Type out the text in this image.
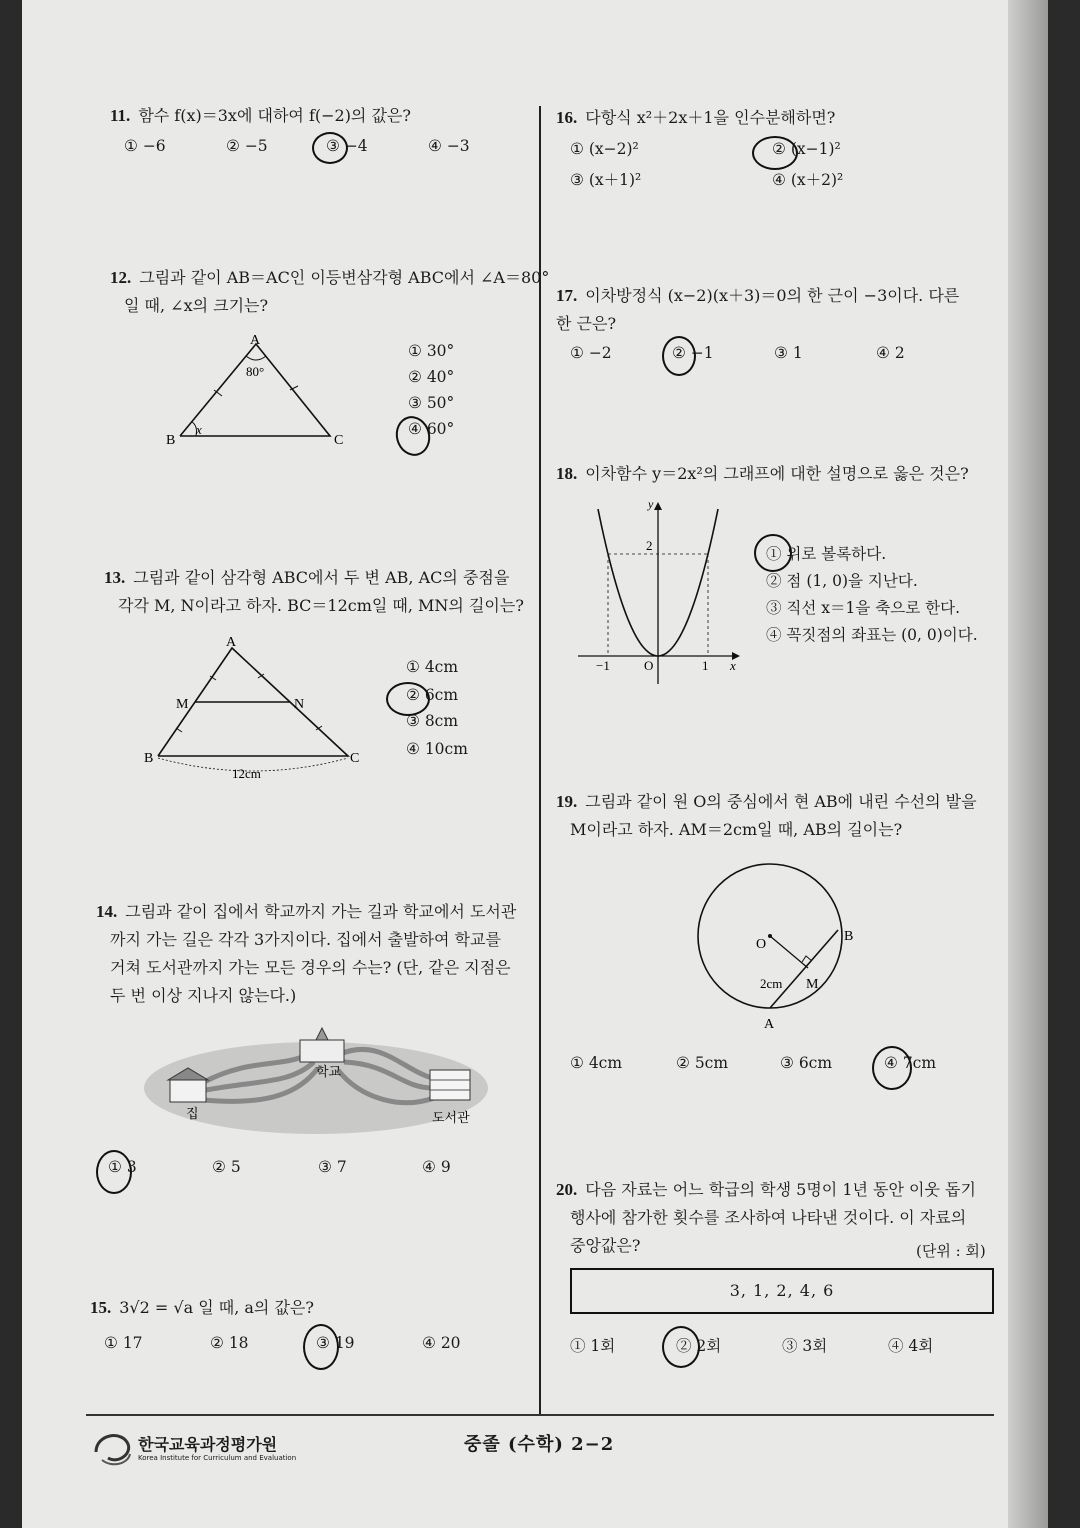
11. 함수 f(x)＝3x에 대하여 f(−2)의 값은?
① −6	② −5	③ −4	④ −3
12. 그림과 같이 AB＝AC인 이등변삼각형 ABC에서 ∠A＝80°
일 때, ∠x의 크기는?
A
80°
B
x
C
① 30°
② 40°
③ 50°
④ 60°
13. 그림과 같이 삼각형 ABC에서 두 변 AB, AC의 중점을
각각 M, N이라고 하자. BC＝12cm일 때, MN의 길이는?
A
M	N
B	C
12cm
① 4cm
② 6cm
③ 8cm
④ 10cm
14. 그림과 같이 집에서 학교까지 가는 길과 학교에서 도서관
까지 가는 길은 각각 3가지이다. 집에서 출발하여 학교를
거쳐 도서관까지 가는 모든 경우의 수는? (단, 같은 지점은
두 번 이상 지나지 않는다.)
집
학교
도서관
① 3	② 5	③ 7	④ 9
15. 3√2 = √a 일 때, a의 값은?
① 17	② 18	③ 19	④ 20
16. 다항식 x²＋2x＋1을 인수분해하면?
① (x−2)²	② (x−1)²
③ (x＋1)²	④ (x＋2)²
17. 이차방정식 (x−2)(x＋3)＝0의 한 근이 −3이다. 다른
한 근은?
① −2	② −1	③ 1	④ 2
18. 이차함수 y＝2x²의 그래프에 대한 설명으로 옳은 것은?
y
2
−1	O	1 x
① 위로 볼록하다.
② 점 (1, 0)을 지난다.
③ 직선 x＝1을 축으로 한다.
④ 꼭짓점의 좌표는 (0, 0)이다.
19. 그림과 같이 원 O의 중심에서 현 AB에 내린 수선의 발을
M이라고 하자. AM＝2cm일 때, AB의 길이는?
O
B
A
M
2cm
① 4cm	② 5cm	③ 6cm	④ 7cm
20. 다음 자료는 어느 학급의 학생 5명이 1년 동안 이웃 돕기
행사에 참가한 횟수를 조사하여 나타낸 것이다. 이 자료의
중앙값은?	(단위 : 회)
3, 1, 2, 4, 6
① 1회	② 2회	③ 3회	④ 4회
한국교육과정평가원
Korea Institute for Curriculum and Evaluation
중졸 (수학) 2−2
